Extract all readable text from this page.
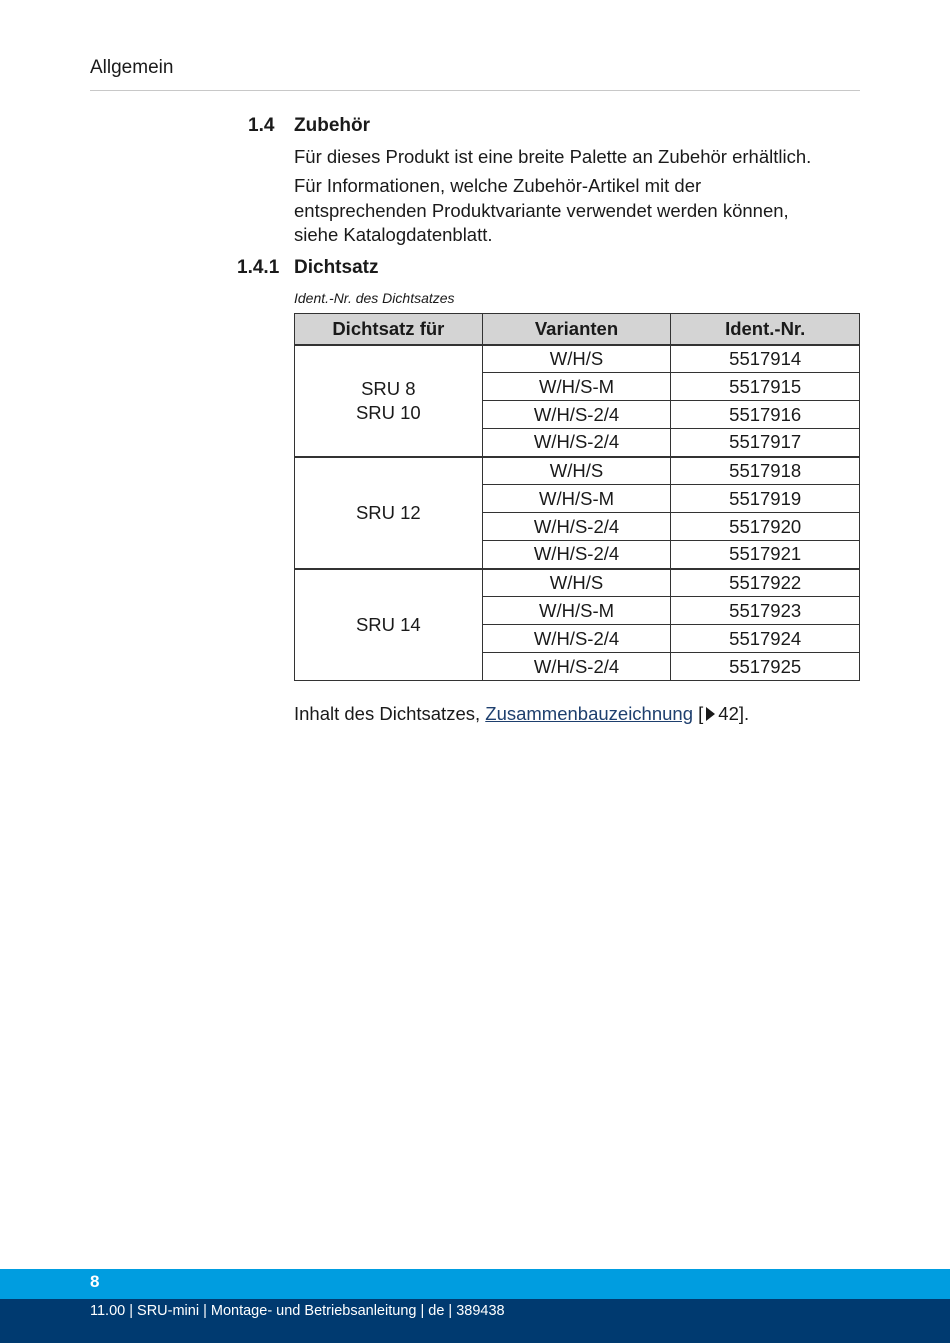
Allgemein
1.4 Zubehör
Für dieses Produkt ist eine breite Palette an Zubehör erhältlich.
Für Informationen, welche Zubehör-Artikel mit der
entsprechenden Produktvariante verwendet werden können,
siehe Katalogdatenblatt.
1.4.1 Dichtsatz
Ident.-Nr. des Dichtsatzes
Dichtsatz für	Varianten	Ident.-Nr.

SRU 8
SRU 10	W/H/S	5517914
	W/H/S-M	5517915
	W/H/S-2/4	5517916
	W/H/S-2/4	5517917

SRU 12	W/H/S	5517918
	W/H/S-M	5517919
	W/H/S-2/4	5517920
	W/H/S-2/4	5517921

SRU 14	W/H/S	5517922
	W/H/S-M	5517923
	W/H/S-2/4	5517924
	W/H/S-2/4	5517925
Inhalt des Dichtsatzes, Zusammenbauzeichnung [ 42].
8
11.00 | SRU-mini | Montage- und Betriebsanleitung | de | 389438
